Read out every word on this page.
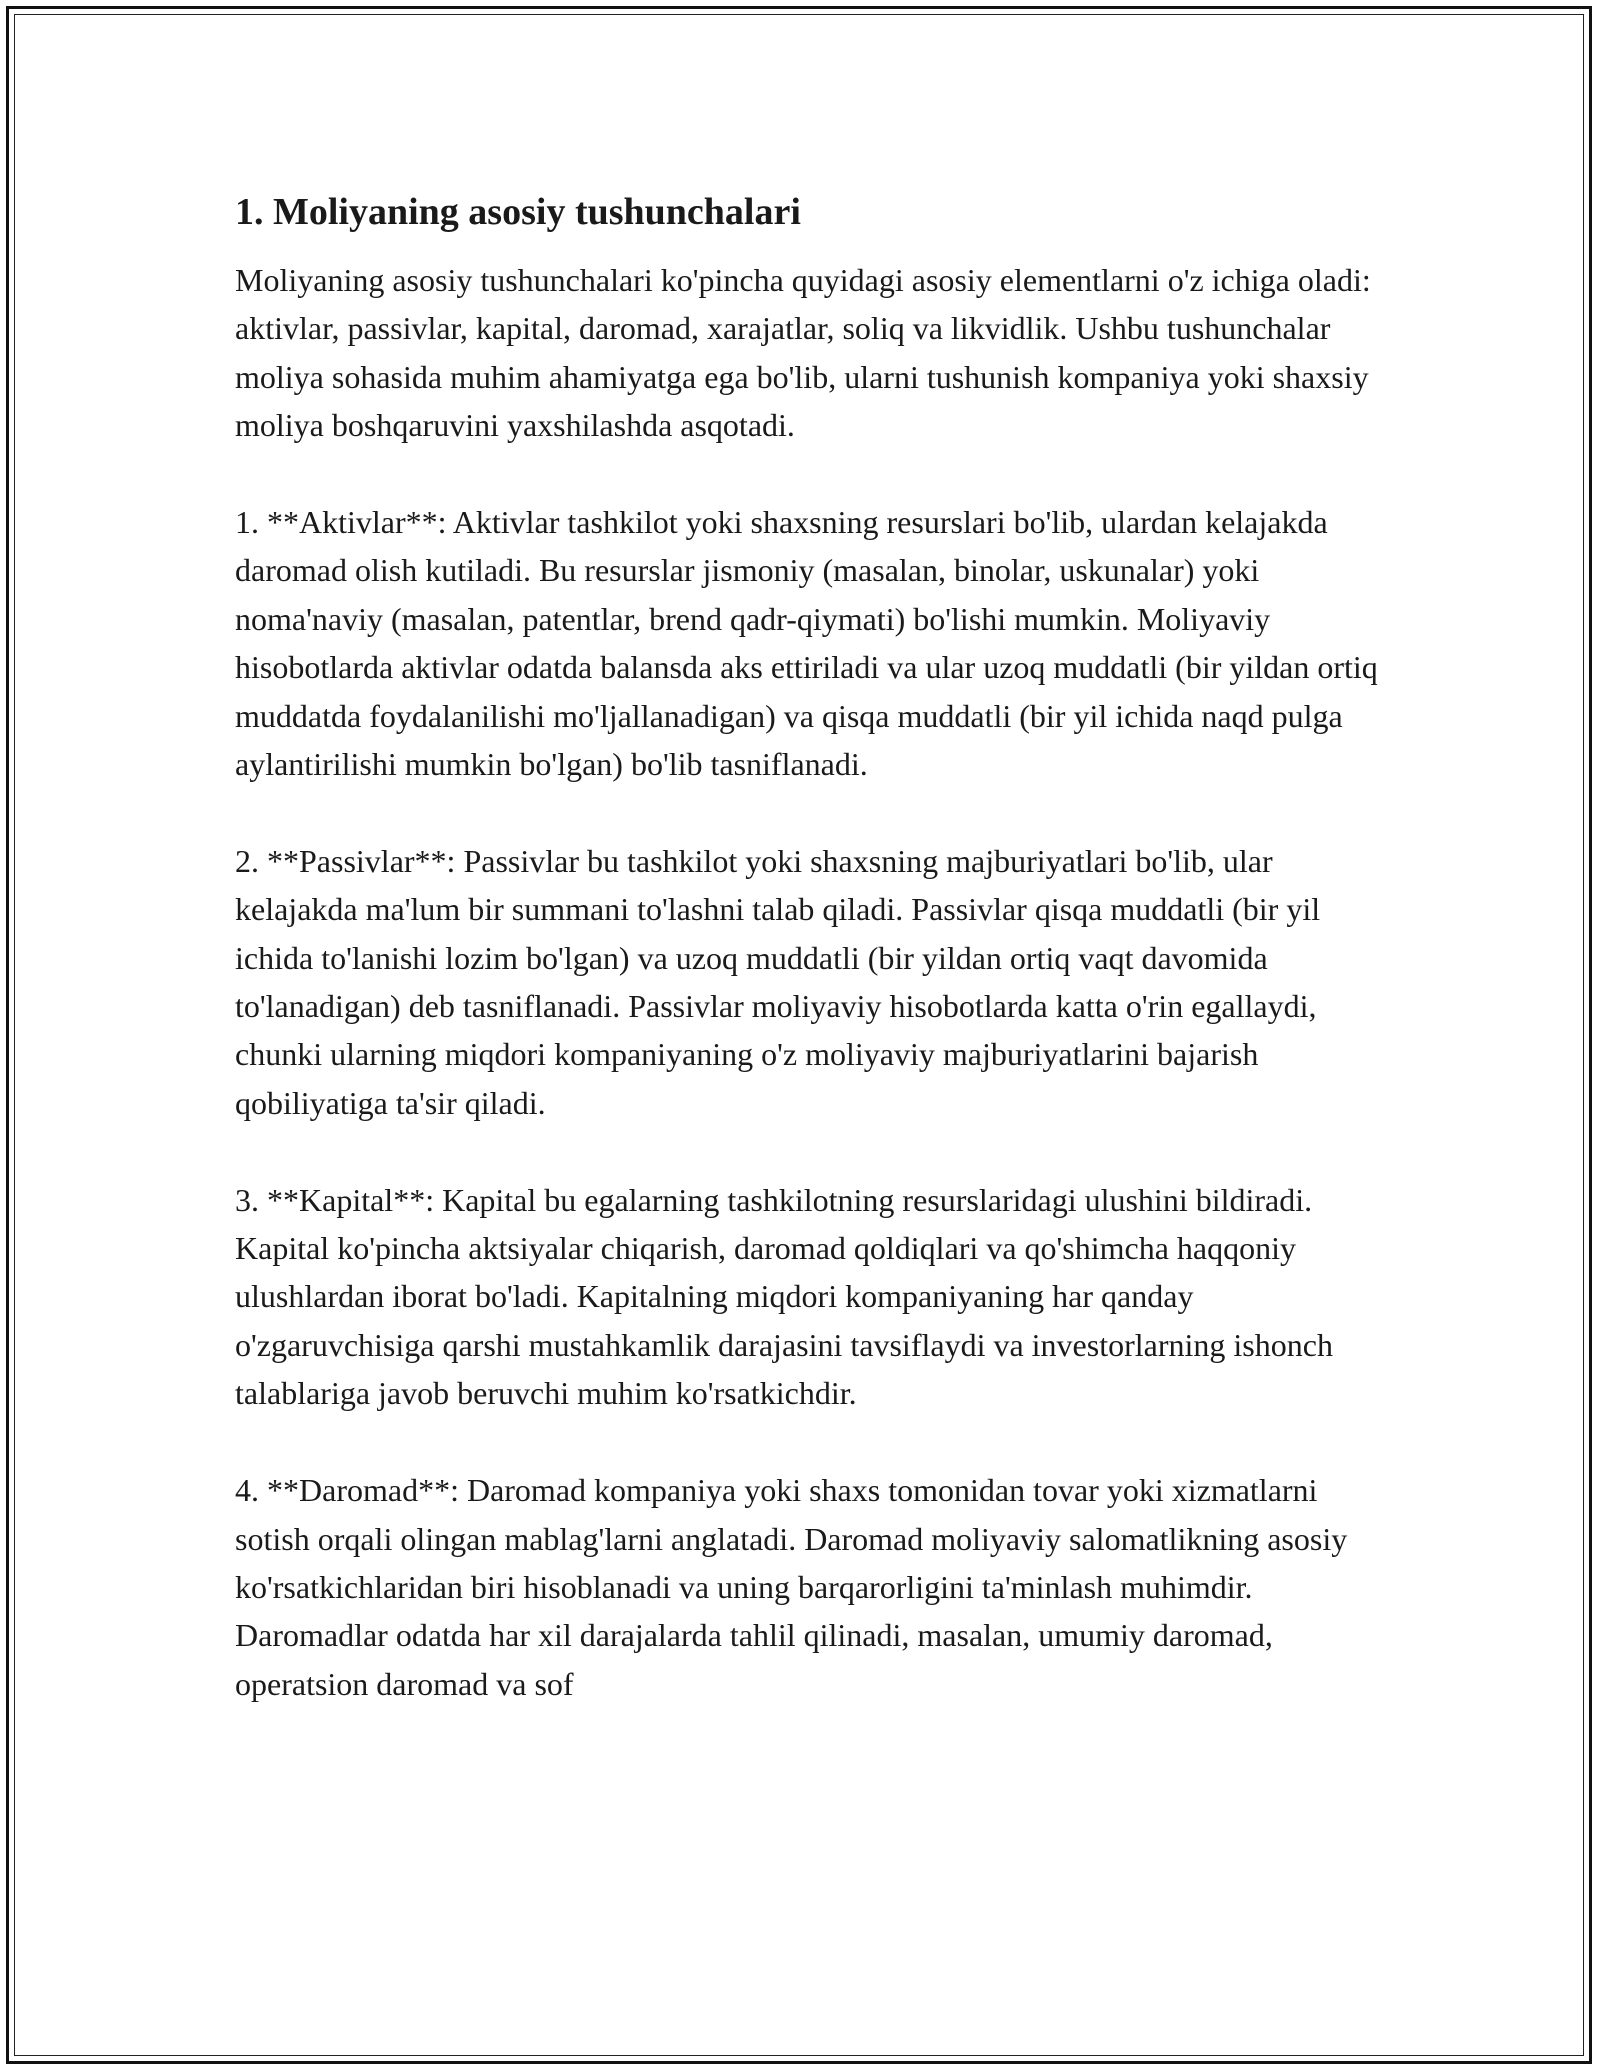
1. Moliyaning asosiy tushunchalari

Moliyaning asosiy tushunchalari ko'pincha quyidagi asosiy elementlarni o'z ichiga oladi: aktivlar, passivlar, kapital, daromad, xarajatlar, soliq va likvidlik. Ushbu tushunchalar moliya sohasida muhim ahamiyatga ega bo'lib, ularni tushunish kompaniya yoki shaxsiy moliya boshqaruvini yaxshilashda asqotadi.

1. **Aktivlar**: Aktivlar tashkilot yoki shaxsning resurslari bo'lib, ulardan kelajakda daromad olish kutiladi. Bu resurslar jismoniy (masalan, binolar, uskunalar) yoki noma'naviy (masalan, patentlar, brend qadr-qiymati) bo'lishi mumkin. Moliyaviy hisobotlarda aktivlar odatda balansda aks ettiriladi va ular uzoq muddatli (bir yildan ortiq muddatda foydalanilishi mo'ljallanadigan) va qisqa muddatli (bir yil ichida naqd pulga aylantirilishi mumkin bo'lgan) bo'lib tasniflanadi.

2. **Passivlar**: Passivlar bu tashkilot yoki shaxsning majburiyatlari bo'lib, ular kelajakda ma'lum bir summani to'lashni talab qiladi. Passivlar qisqa muddatli (bir yil ichida to'lanishi lozim bo'lgan) va uzoq muddatli (bir yildan ortiq vaqt davomida to'lanadigan) deb tasniflanadi. Passivlar moliyaviy hisobotlarda katta o'rin egallaydi, chunki ularning miqdori kompaniyaning o'z moliyaviy majburiyatlarini bajarish qobiliyatiga ta'sir qiladi.

3. **Kapital**: Kapital bu egalarning tashkilotning resurslaridagi ulushini bildiradi. Kapital ko'pincha aktsiyalar chiqarish, daromad qoldiqlari va qo'shimcha haqqoniy ulushlardan iborat bo'ladi. Kapitalning miqdori kompaniyaning har qanday o'zgaruvchisiga qarshi mustahkamlik darajasini tavsiflaydi va investorlarning ishonch talablariga javob beruvchi muhim ko'rsatkichdir.

4. **Daromad**: Daromad kompaniya yoki shaxs tomonidan tovar yoki xizmatlarni sotish orqali olingan mablag'larni anglatadi. Daromad moliyaviy salomatlikning asosiy ko'rsatkichlaridan biri hisoblanadi va uning barqarorligini ta'minlash muhimdir. Daromadlar odatda har xil darajalarda tahlil qilinadi, masalan, umumiy daromad, operatsion daromad va sof
